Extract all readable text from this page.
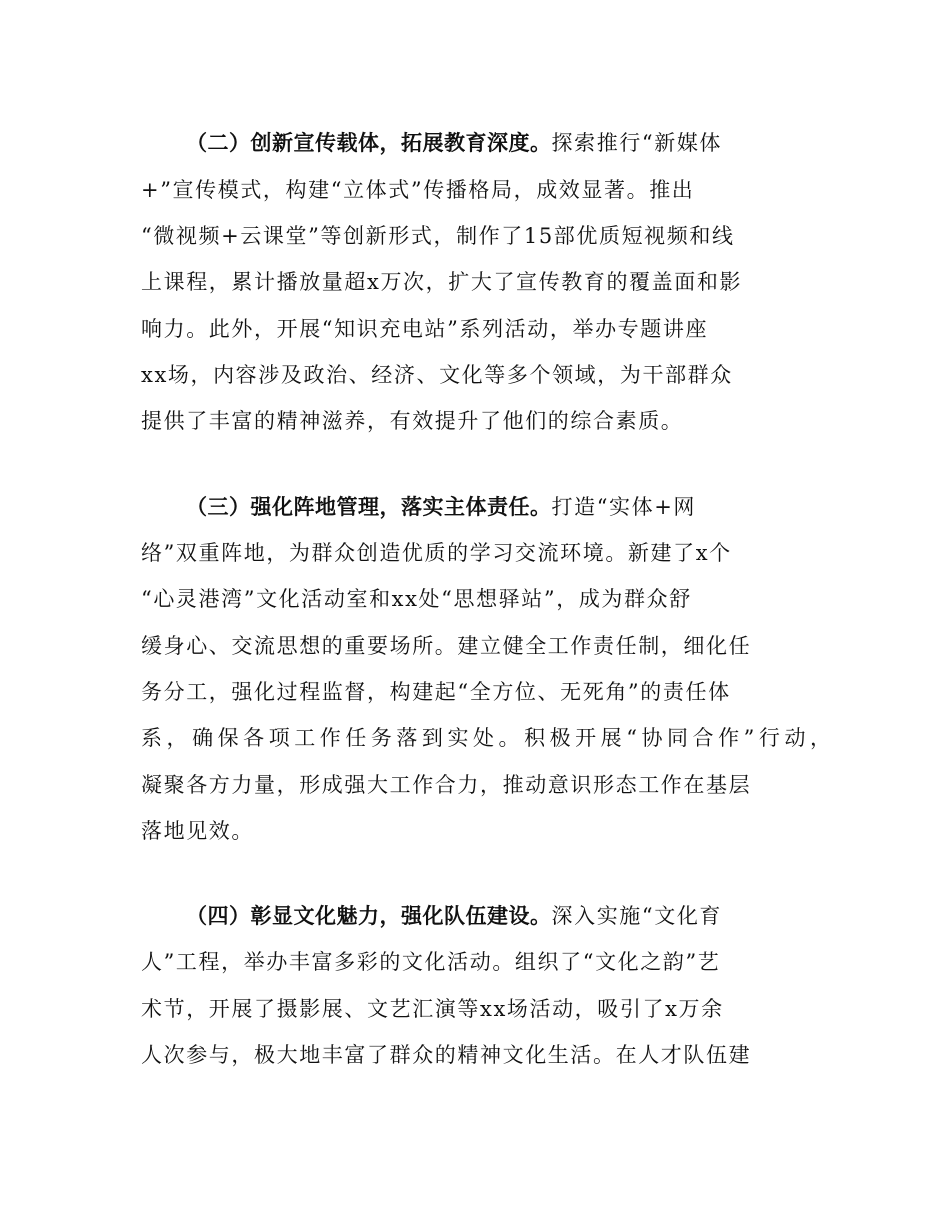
（二）创新宣传载体，拓展教育深度。探索推行“新媒体
+”宣传模式，构建“立体式”传播格局，成效显著。推出
“微视频+云课堂”等创新形式，制作了15部优质短视频和线
上课程，累计播放量超x万次，扩大了宣传教育的覆盖面和影
响力。此外，开展“知识充电站”系列活动，举办专题讲座
xx场，内容涉及政治、经济、文化等多个领域，为干部群众
提供了丰富的精神滋养，有效提升了他们的综合素质。
（三）强化阵地管理，落实主体责任。打造“实体+网
络”双重阵地，为群众创造优质的学习交流环境。新建了x个
“心灵港湾”文化活动室和xx处“思想驿站”，成为群众舒
缓身心、交流思想的重要场所。建立健全工作责任制，细化任
务分工，强化过程监督，构建起“全方位、无死角”的责任体
系，确保各项工作任务落到实处。积极开展“协同合作”行动，
凝聚各方力量，形成强大工作合力，推动意识形态工作在基层
落地见效。
（四）彰显文化魅力，强化队伍建设。深入实施“文化育
人”工程，举办丰富多彩的文化活动。组织了“文化之韵”艺
术节，开展了摄影展、文艺汇演等xx场活动，吸引了x万余
人次参与，极大地丰富了群众的精神文化生活。在人才队伍建
